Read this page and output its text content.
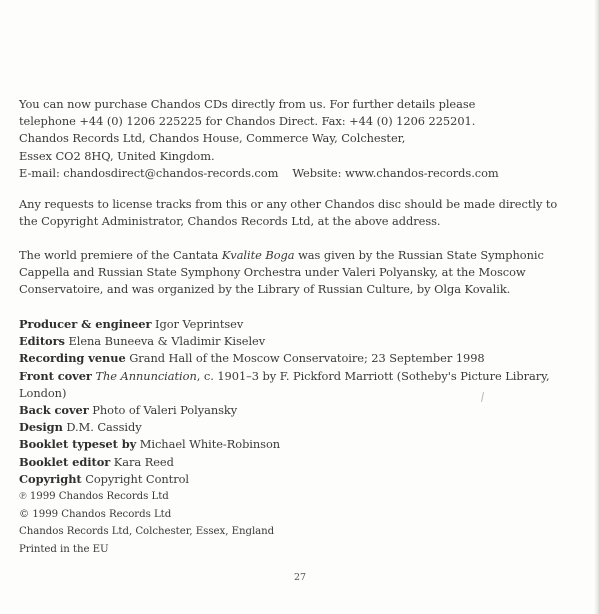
You can now purchase Chandos CDs directly from us. For further details please
telephone +44 (0) 1206 225225 for Chandos Direct. Fax: +44 (0) 1206 225201.
Chandos Records Ltd, Chandos House, Commerce Way, Colchester,
Essex CO2 8HQ, United Kingdom.
E-mail: chandosdirect@chandos-records.com Website: www.chandos-records.com
Any requests to license tracks from this or any other Chandos disc should be made directly to
the Copyright Administrator, Chandos Records Ltd, at the above address.
The world premiere of the Cantata Kvalite Boga was given by the Russian State Symphonic
Cappella and Russian State Symphony Orchestra under Valeri Polyansky, at the Moscow
Conservatoire, and was organized by the Library of Russian Culture, by Olga Kovalik.
Producer & engineer Igor Veprintsev
Editors Elena Buneeva & Vladimir Kiselev
Recording venue Grand Hall of the Moscow Conservatoire; 23 September 1998
Front cover The Annunciation, c. 1901–3 by F. Pickford Marriott (Sotheby's Picture Library,
London)
Back cover Photo of Valeri Polyansky
Design D.M. Cassidy
Booklet typeset by Michael White-Robinson
Booklet editor Kara Reed
Copyright Copyright Control
℗ 1999 Chandos Records Ltd
© 1999 Chandos Records Ltd
Chandos Records Ltd, Colchester, Essex, England
Printed in the EU
27
